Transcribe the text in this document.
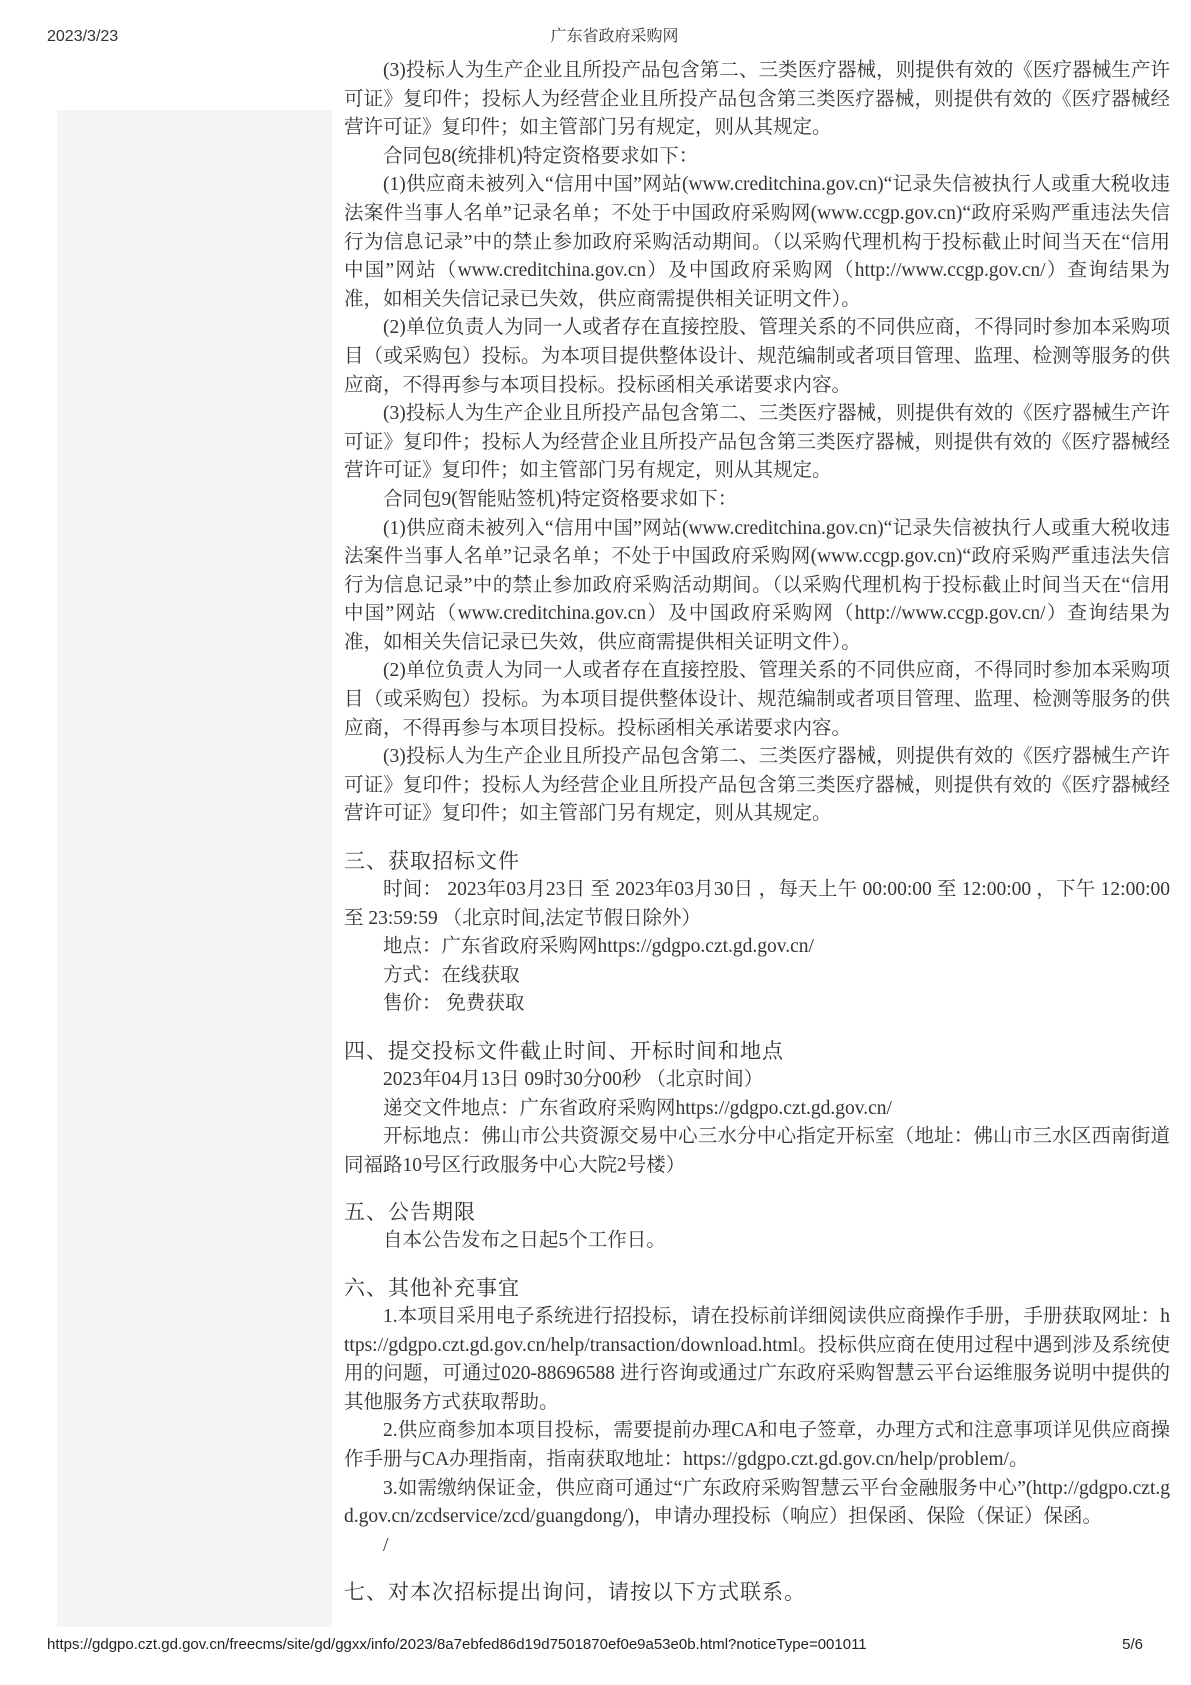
2023/3/23	广东省政府采购网

(3)投标人为生产企业且所投产品包含第二、三类医疗器械，则提供有效的《医疗器械生产许可证》复印件；投标人为经营企业且所投产品包含第三类医疗器械，则提供有效的《医疗器械经营许可证》复印件；如主管部门另有规定，则从其规定。

合同包8(统排机)特定资格要求如下：

(1)供应商未被列入“信用中国”网站(www.creditchina.gov.cn)“记录失信被执行人或重大税收违法案件当事人名单”记录名单；不处于中国政府采购网(www.ccgp.gov.cn)“政府采购严重违法失信行为信息记录”中的禁止参加政府采购活动期间。（以采购代理机构于投标截止时间当天在“信用中国”网站（www.creditchina.gov.cn）及中国政府采购网（http://www.ccgp.gov.cn/）查询结果为准，如相关失信记录已失效，供应商需提供相关证明文件）。

(2)单位负责人为同一人或者存在直接控股、管理关系的不同供应商，不得同时参加本采购项目（或采购包）投标。为本项目提供整体设计、规范编制或者项目管理、监理、检测等服务的供应商，不得再参与本项目投标。投标函相关承诺要求内容。

(3)投标人为生产企业且所投产品包含第二、三类医疗器械，则提供有效的《医疗器械生产许可证》复印件；投标人为经营企业且所投产品包含第三类医疗器械，则提供有效的《医疗器械经营许可证》复印件；如主管部门另有规定，则从其规定。

合同包9(智能贴签机)特定资格要求如下：

(1)供应商未被列入“信用中国”网站(www.creditchina.gov.cn)“记录失信被执行人或重大税收违法案件当事人名单”记录名单；不处于中国政府采购网(www.ccgp.gov.cn)“政府采购严重违法失信行为信息记录”中的禁止参加政府采购活动期间。（以采购代理机构于投标截止时间当天在“信用中国”网站（www.creditchina.gov.cn）及中国政府采购网（http://www.ccgp.gov.cn/）查询结果为准，如相关失信记录已失效，供应商需提供相关证明文件）。

(2)单位负责人为同一人或者存在直接控股、管理关系的不同供应商，不得同时参加本采购项目（或采购包）投标。为本项目提供整体设计、规范编制或者项目管理、监理、检测等服务的供应商，不得再参与本项目投标。投标函相关承诺要求内容。

(3)投标人为生产企业且所投产品包含第二、三类医疗器械，则提供有效的《医疗器械生产许可证》复印件；投标人为经营企业且所投产品包含第三类医疗器械，则提供有效的《医疗器械经营许可证》复印件；如主管部门另有规定，则从其规定。

三、获取招标文件

时间： 2023年03月23日 至 2023年03月30日 ，每天上午 00:00:00 至 12:00:00 ，下午 12:00:00 至 23:59:59 （北京时间,法定节假日除外）

地点：广东省政府采购网https://gdgpo.czt.gd.gov.cn/

方式：在线获取

售价： 免费获取

四、提交投标文件截止时间、开标时间和地点

2023年04月13日 09时30分00秒 （北京时间）

递交文件地点：广东省政府采购网https://gdgpo.czt.gd.gov.cn/

开标地点：佛山市公共资源交易中心三水分中心指定开标室（地址：佛山市三水区西南街道同福路10号区行政服务中心大院2号楼）

五、公告期限

自本公告发布之日起5个工作日。

六、其他补充事宜

1.本项目采用电子系统进行招投标，请在投标前详细阅读供应商操作手册，手册获取网址：https://gdgpo.czt.gd.gov.cn/help/transaction/download.html。投标供应商在使用过程中遇到涉及系统使用的问题，可通过020-88696588 进行咨询或通过广东政府采购智慧云平台运维服务说明中提供的其他服务方式获取帮助。

2.供应商参加本项目投标，需要提前办理CA和电子签章，办理方式和注意事项详见供应商操作手册与CA办理指南，指南获取地址：https://gdgpo.czt.gd.gov.cn/help/problem/。

3.如需缴纳保证金，供应商可通过“广东政府采购智慧云平台金融服务中心”(http://gdgpo.czt.gd.gov.cn/zcdservice/zcd/guangdong/)，申请办理投标（响应）担保函、保险（保证）保函。

/

七、对本次招标提出询问，请按以下方式联系。

https://gdgpo.czt.gd.gov.cn/freecms/site/gd/ggxx/info/2023/8a7ebfed86d19d7501870ef0e9a53e0b.html?noticeType=001011	5/6
